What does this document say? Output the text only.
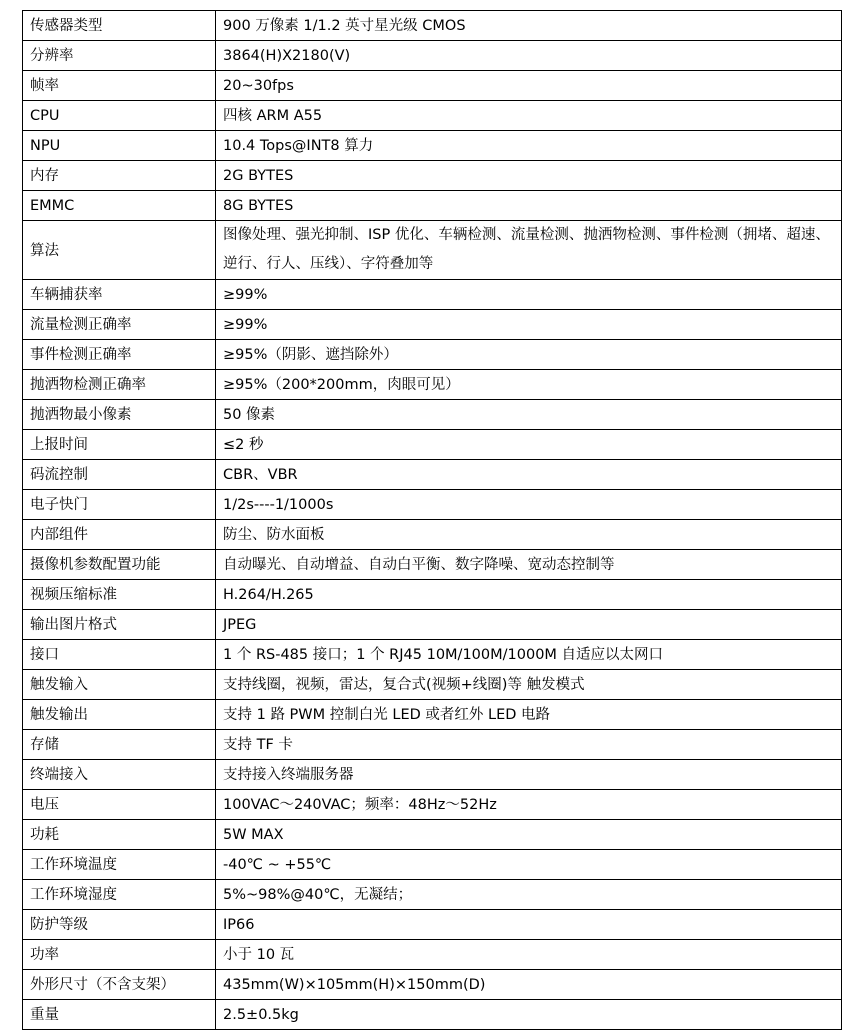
传感器类型	900 万像素 1/1.2 英寸星光级 CMOS
分辨率	3864(H)X2180(V)
帧率	20~30fps
CPU	四核 ARM A55
NPU	10.4 Tops@INT8 算力
内存	2G BYTES
EMMC	8G BYTES
算法	图像处理、强光抑制、ISP 优化、车辆检测、流量检测、抛洒物检测、事件检测（拥堵、超速、逆行、行人、压线）、字符叠加等
车辆捕获率	≥99%
流量检测正确率	≥99%
事件检测正确率	≥95%（阴影、遮挡除外）
抛洒物检测正确率	≥95%（200*200mm，肉眼可见）
抛洒物最小像素	50 像素
上报时间	≤2 秒
码流控制	CBR、VBR
电子快门	1/2s----1/1000s
内部组件	防尘、防水面板
摄像机参数配置功能	自动曝光、自动增益、自动白平衡、数字降噪、宽动态控制等
视频压缩标准	H.264/H.265
输出图片格式	JPEG
接口	1 个 RS-485 接口；1 个 RJ45 10M/100M/1000M 自适应以太网口
触发输入	支持线圈，视频，雷达，复合式(视频+线圈)等 触发模式
触发输出	支持 1 路 PWM 控制白光 LED 或者红外 LED 电路
存储	支持 TF 卡
终端接入	支持接入终端服务器
电压	100VAC～240VAC；频率：48Hz～52Hz
功耗	5W MAX
工作环境温度	-40℃ ~ +55℃
工作环境湿度	5%~98%@40℃，无凝结；
防护等级	IP66
功率	小于 10 瓦
外形尺寸（不含支架）	435mm(W)×105mm(H)×150mm(D)
重量	2.5±0.5kg
